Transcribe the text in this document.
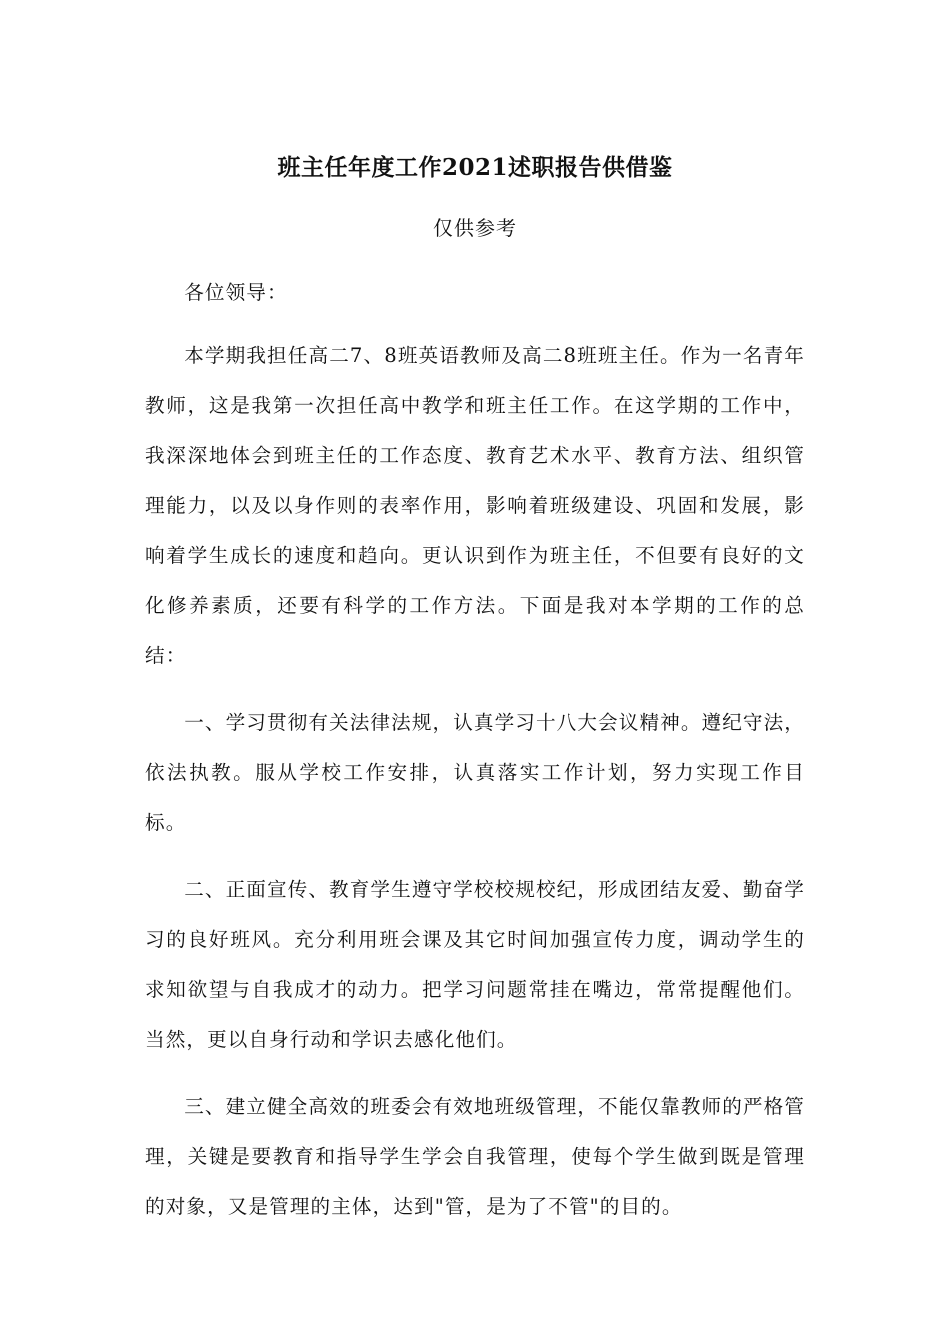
班主任年度工作2021述职报告供借鉴
仅供参考

各位领导：

本学期我担任高二7、8班英语教师及高二8班班主任。作为一名青年教师，这是我第一次担任高中教学和班主任工作。在这学期的工作中，我深深地体会到班主任的工作态度、教育艺术水平、教育方法、组织管理能力，以及以身作则的表率作用，影响着班级建设、巩固和发展，影响着学生成长的速度和趋向。更认识到作为班主任，不但要有良好的文化修养素质，还要有科学的工作方法。下面是我对本学期的工作的总结：

一、学习贯彻有关法律法规，认真学习十八大会议精神。遵纪守法，依法执教。服从学校工作安排，认真落实工作计划，努力实现工作目标。

二、正面宣传、教育学生遵守学校校规校纪，形成团结友爱、勤奋学习的良好班风。充分利用班会课及其它时间加强宣传力度，调动学生的求知欲望与自我成才的动力。把学习问题常挂在嘴边，常常提醒他们。当然，更以自身行动和学识去感化他们。

三、建立健全高效的班委会有效地班级管理，不能仅靠教师的严格管理，关键是要教育和指导学生学会自我管理，使每个学生做到既是管理的对象，又是管理的主体，达到"管，是为了不管"的目的。
